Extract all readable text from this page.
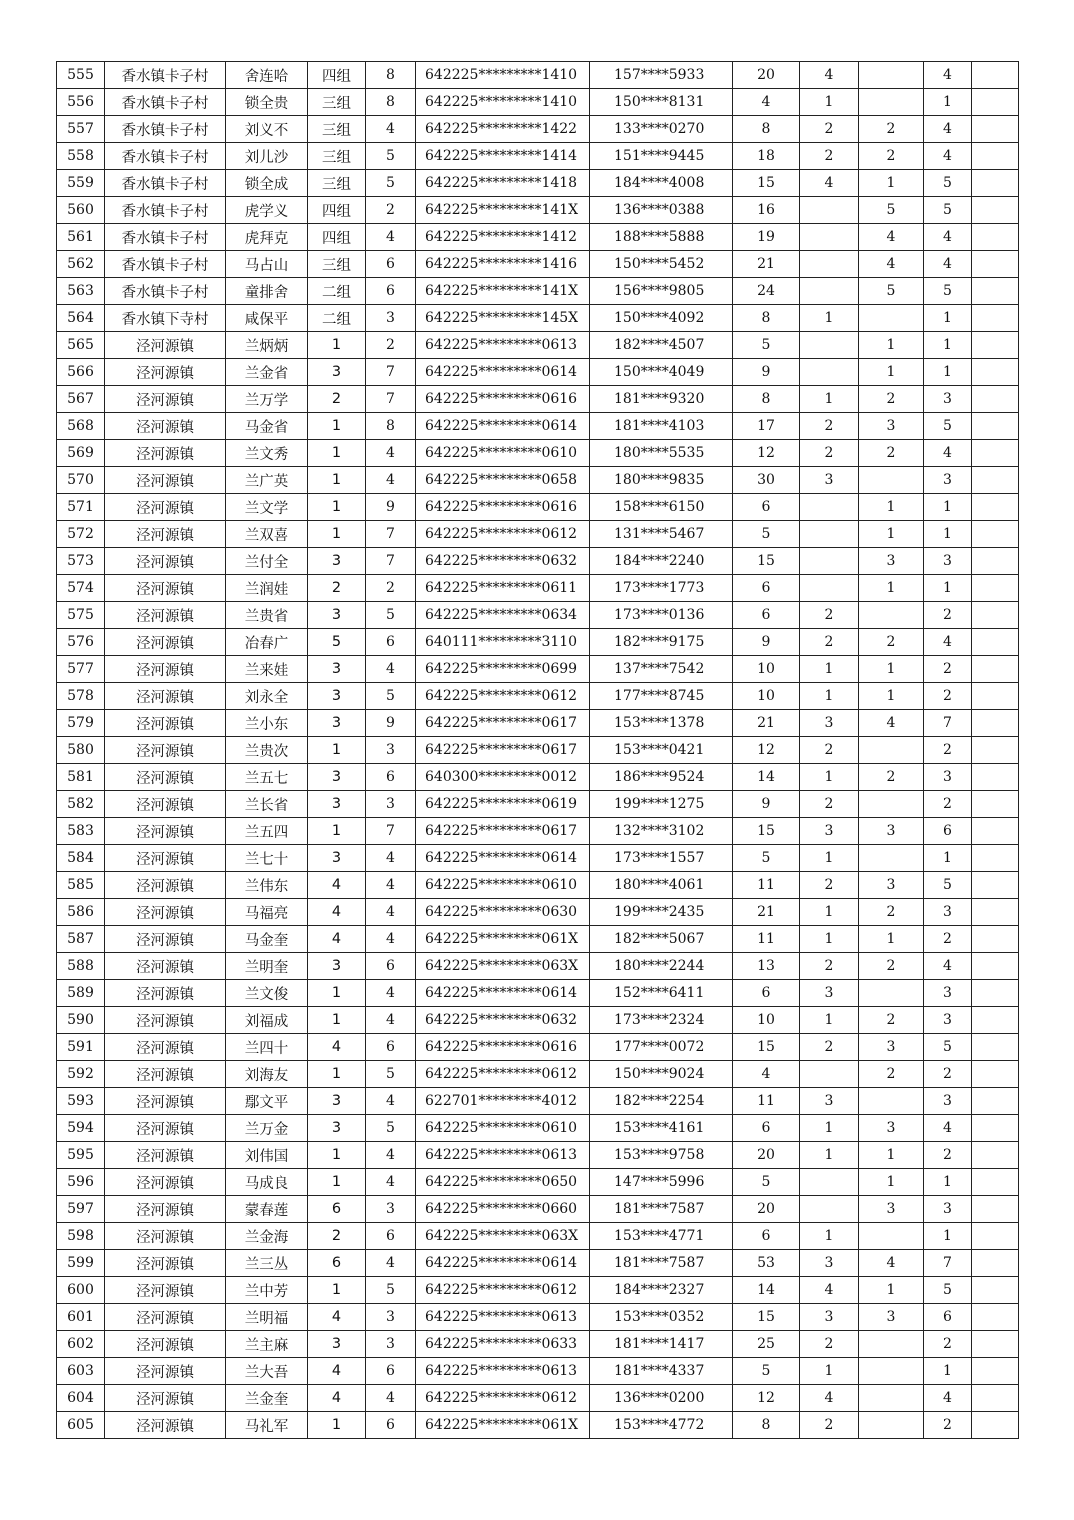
555	香水镇卡子村	舍连哈	四组	8	642225*********1410	157****5933	20	4		4	
556	香水镇卡子村	锁全贵	三组	8	642225*********1410	150****8131	4	1		1	
557	香水镇卡子村	刘义不	三组	4	642225*********1422	133****0270	8	2	2	4	
558	香水镇卡子村	刘儿沙	三组	5	642225*********1414	151****9445	18	2	2	4	
559	香水镇卡子村	锁全成	三组	5	642225*********1418	184****4008	15	4	1	5	
560	香水镇卡子村	虎学义	四组	2	642225*********141X	136****0388	16		5	5	
561	香水镇卡子村	虎拜克	四组	4	642225*********1412	188****5888	19		4	4	
562	香水镇卡子村	马占山	三组	6	642225*********1416	150****5452	21		4	4	
563	香水镇卡子村	童排舍	二组	6	642225*********141X	156****9805	24		5	5	
564	香水镇下寺村	咸保平	二组	3	642225*********145X	150****4092	8	1		1	
565	泾河源镇	兰炳炳	1	2	642225*********0613	182****4507	5		1	1	
566	泾河源镇	兰金省	3	7	642225*********0614	150****4049	9		1	1	
567	泾河源镇	兰万学	2	7	642225*********0616	181****9320	8	1	2	3	
568	泾河源镇	马金省	1	8	642225*********0614	181****4103	17	2	3	5	
569	泾河源镇	兰文秀	1	4	642225*********0610	180****5535	12	2	2	4	
570	泾河源镇	兰广英	1	4	642225*********0658	180****9835	30	3		3	
571	泾河源镇	兰文学	1	9	642225*********0616	158****6150	6		1	1	
572	泾河源镇	兰双喜	1	7	642225*********0612	131****5467	5		1	1	
573	泾河源镇	兰付全	3	7	642225*********0632	184****2240	15		3	3	
574	泾河源镇	兰润娃	2	2	642225*********0611	173****1773	6		1	1	
575	泾河源镇	兰贵省	3	5	642225*********0634	173****0136	6	2		2	
576	泾河源镇	冶春广	5	6	640111*********3110	182****9175	9	2	2	4	
577	泾河源镇	兰来娃	3	4	642225*********0699	137****7542	10	1	1	2	
578	泾河源镇	刘永全	3	5	642225*********0612	177****8745	10	1	1	2	
579	泾河源镇	兰小东	3	9	642225*********0617	153****1378	21	3	4	7	
580	泾河源镇	兰贵次	1	3	642225*********0617	153****0421	12	2		2	
581	泾河源镇	兰五七	3	6	640300*********0012	186****9524	14	1	2	3	
582	泾河源镇	兰长省	3	3	642225*********0619	199****1275	9	2		2	
583	泾河源镇	兰五四	1	7	642225*********0617	132****3102	15	3	3	6	
584	泾河源镇	兰七十	3	4	642225*********0614	173****1557	5	1		1	
585	泾河源镇	兰伟东	4	4	642225*********0610	180****4061	11	2	3	5	
586	泾河源镇	马福亮	4	4	642225*********0630	199****2435	21	1	2	3	
587	泾河源镇	马金奎	4	4	642225*********061X	182****5067	11	1	1	2	
588	泾河源镇	兰明奎	3	6	642225*********063X	180****2244	13	2	2	4	
589	泾河源镇	兰文俊	1	4	642225*********0614	152****6411	6	3		3	
590	泾河源镇	刘福成	1	4	642225*********0632	173****2324	10	1	2	3	
591	泾河源镇	兰四十	4	6	642225*********0616	177****0072	15	2	3	5	
592	泾河源镇	刘海友	1	5	642225*********0612	150****9024	4		2	2	
593	泾河源镇	鄢文平	3	4	622701*********4012	182****2254	11	3		3	
594	泾河源镇	兰万金	3	5	642225*********0610	153****4161	6	1	3	4	
595	泾河源镇	刘伟国	1	4	642225*********0613	153****9758	20	1	1	2	
596	泾河源镇	马成良	1	4	642225*********0650	147****5996	5		1	1	
597	泾河源镇	蒙春莲	6	3	642225*********0660	181****7587	20		3	3	
598	泾河源镇	兰金海	2	6	642225*********063X	153****4771	6	1		1	
599	泾河源镇	兰三丛	6	4	642225*********0614	181****7587	53	3	4	7	
600	泾河源镇	兰中芳	1	5	642225*********0612	184****2327	14	4	1	5	
601	泾河源镇	兰明福	4	3	642225*********0613	153****0352	15	3	3	6	
602	泾河源镇	兰主麻	3	3	642225*********0633	181****1417	25	2		2	
603	泾河源镇	兰大吾	4	6	642225*********0613	181****4337	5	1		1	
604	泾河源镇	兰金奎	4	4	642225*********0612	136****0200	12	4		4	
605	泾河源镇	马礼军	1	6	642225*********061X	153****4772	8	2		2	
